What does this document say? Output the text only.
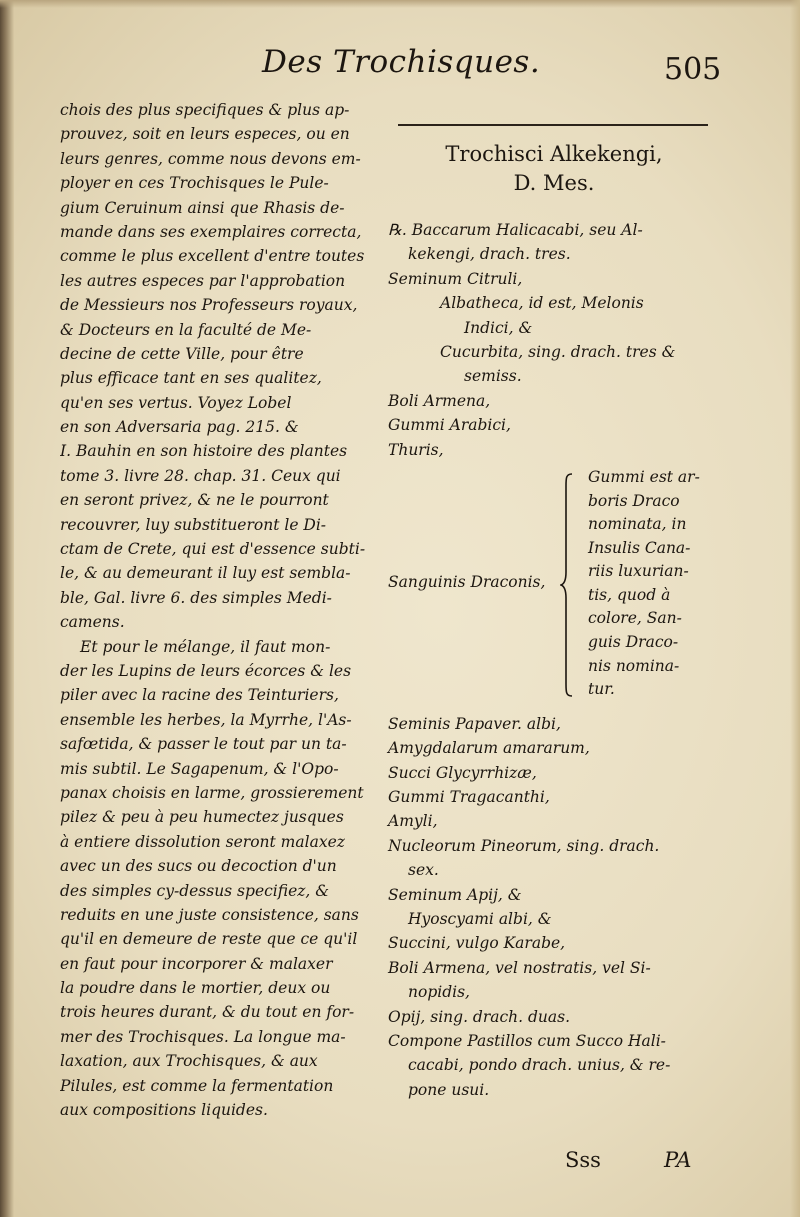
Des Trochisques.	505
chois des plus specifiques & plus ap-
prouvez, soit en leurs especes, ou en
leurs genres, comme nous devons em-
ployer en ces Trochisques le Pule-
gium Ceruinum ainsi que Rhasis de-
mande dans ses exemplaires correcta,
comme le plus excellent d'entre toutes
les autres especes par l'approbation
de Messieurs nos Professeurs royaux,
& Docteurs en la faculté de Me-
decine de cette Ville, pour être
plus efficace tant en ses qualitez,
qu'en ses vertus. Voyez Lobel
en son Adversaria pag. 215. &
I. Bauhin en son histoire des plantes
tome 3. livre 28. chap. 31. Ceux qui
en seront privez, & ne le pourront
recouvrer, luy substitueront le Di-
ctam de Crete, qui est d'essence subti-
le, & au demeurant il luy est sembla-
ble, Gal. livre 6. des simples Medi-
camens.
Et pour le mélange, il faut mon-
der les Lupins de leurs écorces & les
piler avec la racine des Teinturiers,
ensemble les herbes, la Myrrhe, l'As-
safœtida, & passer le tout par un ta-
mis subtil. Le Sagapenum, & l'Opo-
panax choisis en larme, grossierement
pilez & peu à peu humectez jusques
à entiere dissolution seront malaxez
avec un des sucs ou decoction d'un
des simples cy-dessus specifiez, &
reduits en une juste consistence, sans
qu'il en demeure de reste que ce qu'il
en faut pour incorporer & malaxer
la poudre dans le mortier, deux ou
trois heures durant, & du tout en for-
mer des Trochisques. La longue ma-
laxation, aux Trochisques, & aux
Pilules, est comme la fermentation
aux compositions liquides.
Trochisci Alkekengi,
D. Mes.
℞. Baccarum Halicacabi, seu Al-
kekengi, drach. tres.
Seminum Citruli,
Albatheca, id est, Melonis
Indici, &
Cucurbita, sing. drach. tres &
semiss.
Boli Armena,
Gummi Arabici,
Thuris,
Sanguinis Draconis,
Gummi est ar-
boris Draco
nominata, in
Insulis Cana-
riis luxurian-
tis, quod à
colore, San-
guis Draco-
nis nomina-
tur.
Seminis Papaver. albi,
Amygdalarum amararum,
Succi Glycyrrhizæ,
Gummi Tragacanthi,
Amyli,
Nucleorum Pineorum, sing. drach.
sex.
Seminum Apij, &
Hyoscyami albi, &
Succini, vulgo Karabe,
Boli Armena, vel nostratis, vel Si-
nopidis,
Opij, sing. drach. duas.
Compone Pastillos cum Succo Hali-
cacabi, pondo drach. unius, & re-
pone usui.
Sss	PA
